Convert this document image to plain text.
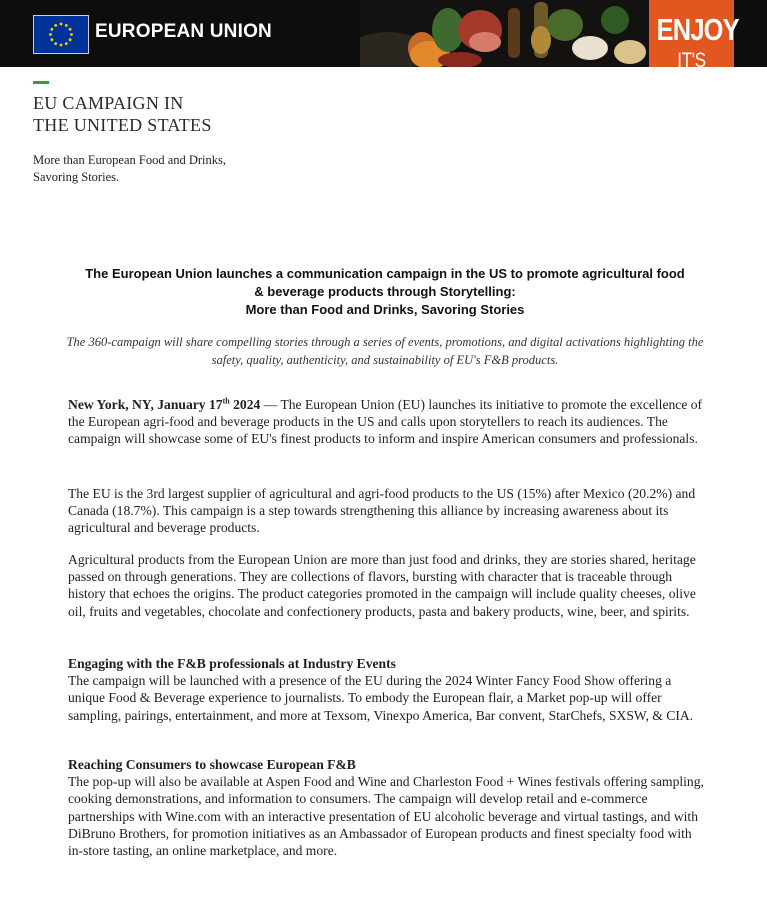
EUROPEAN UNION	ENJOY
IT'S
EU CAMPAIGN IN
THE UNITED STATES
More than European Food and Drinks,
Savoring Stories.
The European Union launches a communication campaign in the US to promote agricultural food
& beverage products through Storytelling:
More than Food and Drinks, Savoring Stories
The 360-campaign will share compelling stories through a series of events, promotions, and digital activations highlighting the
safety, quality, authenticity, and sustainability of EU's F&B products.
New York, NY, January 17th 2024 — The European Union (EU) launches its initiative to promote the excellence of the European agri-food and beverage products in the US and calls upon storytellers to reach its audiences. The campaign will showcase some of EU's finest products to inform and inspire American consumers and professionals.
The EU is the 3rd largest supplier of agricultural and agri-food products to the US (15%) after Mexico (20.2%) and Canada (18.7%). This campaign is a step towards strengthening this alliance by increasing awareness about its agricultural and beverage products.
Agricultural products from the European Union are more than just food and drinks, they are stories shared, heritage passed on through generations. They are collections of flavors, bursting with character that is traceable through history that echoes the origins. The product categories promoted in the campaign will include quality cheeses, olive oil, fruits and vegetables, chocolate and confectionery products, pasta and bakery products, wine, beer, and spirits.
Engaging with the F&B professionals at Industry Events
The campaign will be launched with a presence of the EU during the 2024 Winter Fancy Food Show offering a unique Food & Beverage experience to journalists. To embody the European flair, a Market pop-up will offer sampling, pairings, entertainment, and more at Texsom, Vinexpo America, Bar convent, StarChefs, SXSW, & CIA.
Reaching Consumers to showcase European F&B
The pop-up will also be available at Aspen Food and Wine and Charleston Food + Wines festivals offering sampling, cooking demonstrations, and information to consumers. The campaign will develop retail and e-commerce partnerships with Wine.com with an interactive presentation of EU alcoholic beverage and virtual tastings, and with DiBruno Brothers, for promotion initiatives as an Ambassador of European products and finest specialty food with in-store tasting, an online marketplace, and more.
